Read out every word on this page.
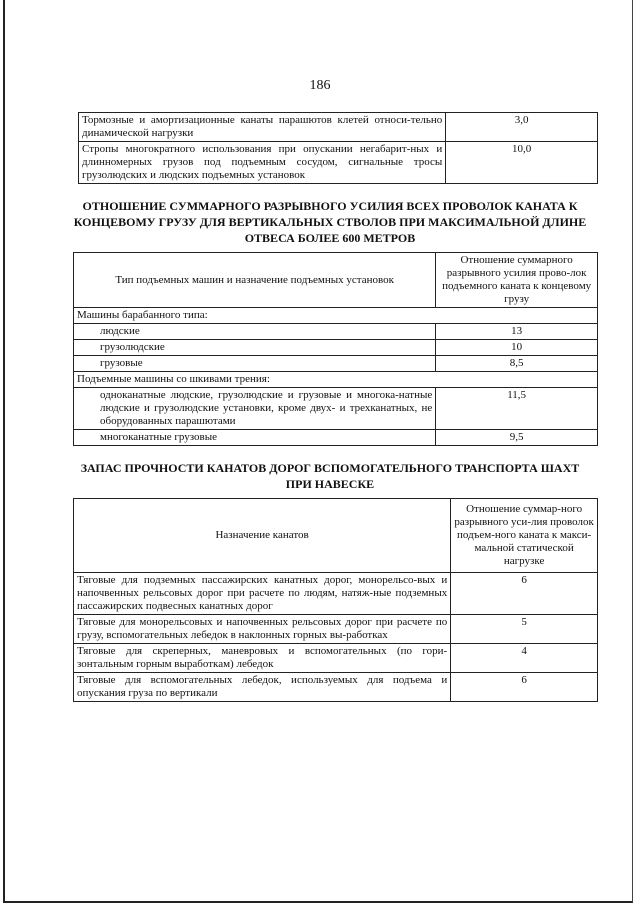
186
Тормозные и амортизационные канаты парашютов клетей относи-тельно динамической нагрузки	3,0
Стропы многократного использования при опускании негабарит-ных и длинномерных грузов под подъемным сосудом, сигнальные тросы грузолюдских и людских подъемных установок	10,0
ОТНОШЕНИЕ СУММАРНОГО РАЗРЫВНОГО УСИЛИЯ ВСЕХ ПРОВОЛОК КАНАТА К КОНЦЕВОМУ ГРУЗУ ДЛЯ ВЕРТИКАЛЬНЫХ СТВОЛОВ ПРИ МАКСИМАЛЬНОЙ ДЛИНЕ ОТВЕСА БОЛЕЕ 600 МЕТРОВ
Тип подъемных машин и назначение подъемных установок	Отношение суммарного разрывного усилия прово-лок подъемного каната к концевому грузу
Машины барабанного типа:	
людские	13
грузолюдские	10
грузовые	8,5
Подъемные машины со шкивами трения:	
одноканатные людские, грузолюдские и грузовые и многока-натные людские и грузолюдские установки, кроме двух- и трехканатных, не оборудованных парашютами	11,5
многоканатные грузовые	9,5
ЗАПАС ПРОЧНОСТИ КАНАТОВ ДОРОГ ВСПОМОГАТЕЛЬНОГО ТРАНСПОРТА ШАХТ ПРИ НАВЕСКЕ
Назначение канатов	Отношение суммар-ного разрывного уси-лия проволок подъем-ного каната к макси-мальной статической нагрузке
Тяговые для подземных пассажирских канатных дорог, монорельсо-вых и напочвенных рельсовых дорог при расчете по людям, натяж-ные подземных пассажирских подвесных канатных дорог	6
Тяговые для монорельсовых и напочвенных рельсовых дорог при расчете по грузу, вспомогательных лебедок в наклонных горных вы-работках	5
Тяговые для скреперных, маневровых и вспомогательных (по гори-зонтальным горным выработкам) лебедок	4
Тяговые для вспомогательных лебедок, используемых для подъема и опускания груза по вертикали	6
